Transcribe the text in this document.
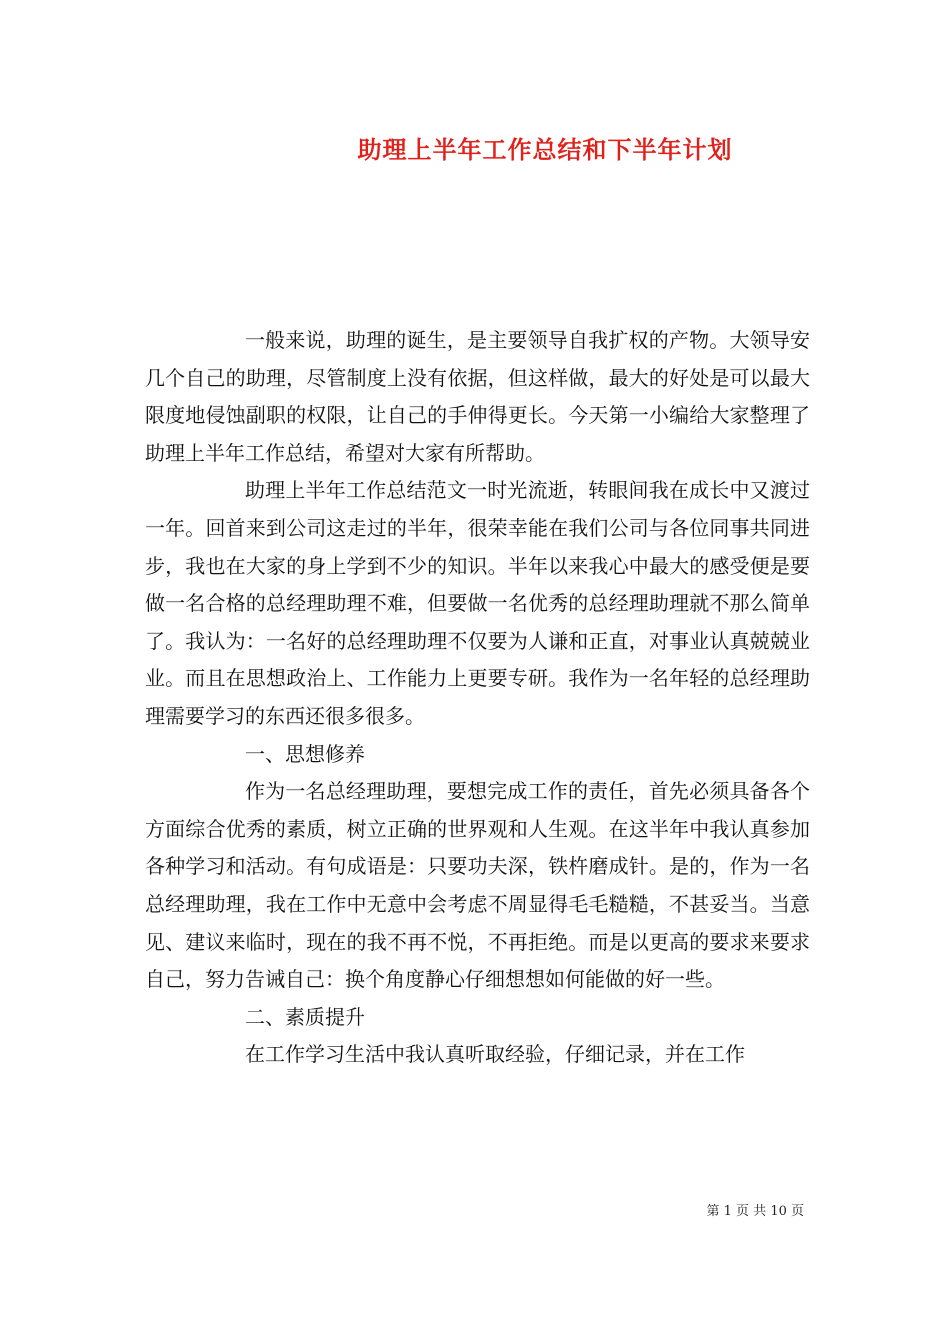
助理上半年工作总结和下半年计划

一般来说，助理的诞生，是主要领导自我扩权的产物。大领导安几个自己的助理，尽管制度上没有依据，但这样做，最大的好处是可以最大限度地侵蚀副职的权限，让自己的手伸得更长。今天第一小编给大家整理了助理上半年工作总结，希望对大家有所帮助。

助理上半年工作总结范文一时光流逝，转眼间我在成长中又渡过一年。回首来到公司这走过的半年，很荣幸能在我们公司与各位同事共同进步，我也在大家的身上学到不少的知识。半年以来我心中最大的感受便是要做一名合格的总经理助理不难，但要做一名优秀的总经理助理就不那么简单了。我认为：一名好的总经理助理不仅要为人谦和正直，对事业认真兢兢业业。而且在思想政治上、工作能力上更要专研。我作为一名年轻的总经理助理需要学习的东西还很多很多。

一、思想修养

作为一名总经理助理，要想完成工作的责任，首先必须具备各个方面综合优秀的素质，树立正确的世界观和人生观。在这半年中我认真参加各种学习和活动。有句成语是：只要功夫深，铁杵磨成针。是的，作为一名总经理助理，我在工作中无意中会考虑不周显得毛毛糙糙，不甚妥当。当意见、建议来临时，现在的我不再不悦，不再拒绝。而是以更高的要求来要求自己，努力告诫自己：换个角度静心仔细想想如何能做的好一些。

二、素质提升

在工作学习生活中我认真听取经验，仔细记录，并在工作

第 1 页 共 10 页
